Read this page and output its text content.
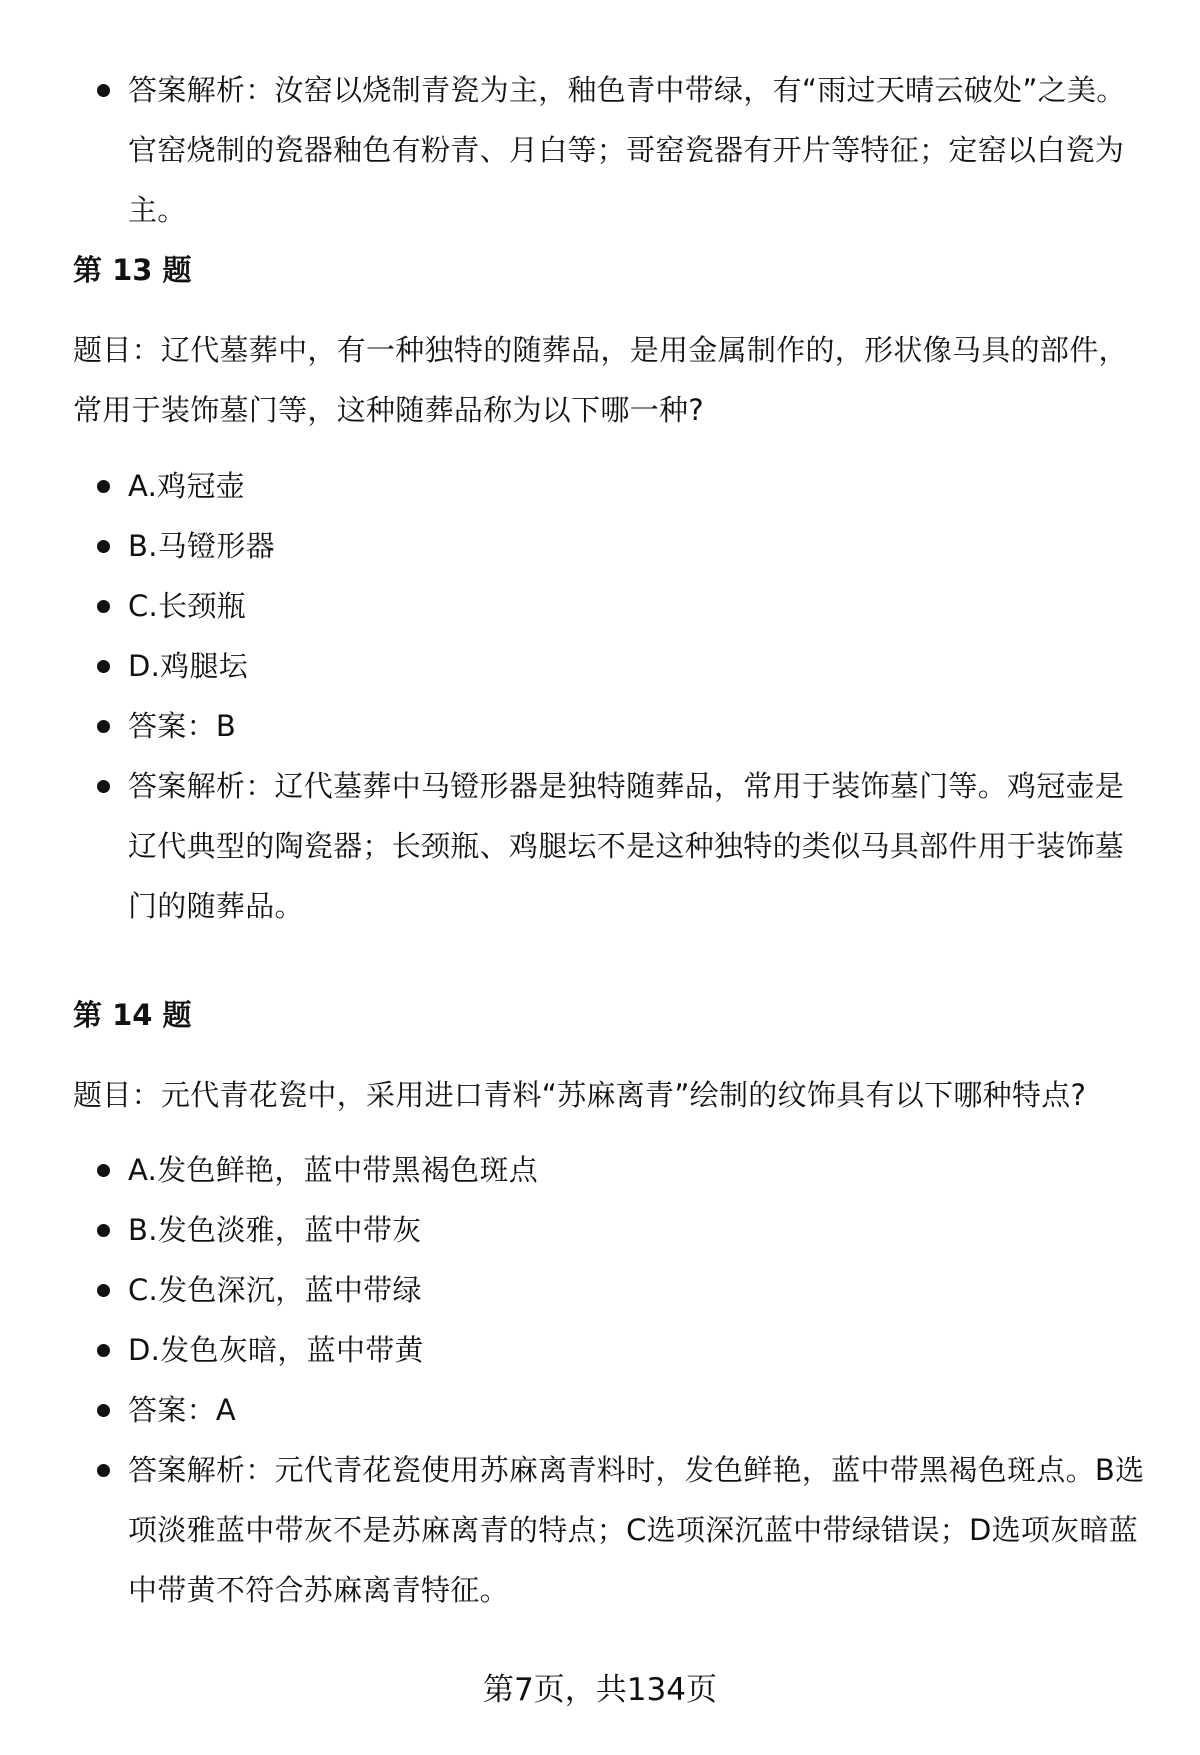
答案解析：汝窑以烧制青瓷为主，釉色青中带绿，有“雨过天晴云破处”之美。官窑烧制的瓷器釉色有粉青、月白等；哥窑瓷器有开片等特征；定窑以白瓷为主。
第 13 题

题目：辽代墓葬中，有一种独特的随葬品，是用金属制作的，形状像马具的部件，常用于装饰墓门等，这种随葬品称为以下哪一种?

A.鸡冠壶
B.马镫形器
C.长颈瓶
D.鸡腿坛
答案：B
答案解析：辽代墓葬中马镫形器是独特随葬品，常用于装饰墓门等。鸡冠壶是辽代典型的陶瓷器；长颈瓶、鸡腿坛不是这种独特的类似马具部件用于装饰墓门的随葬品。
第 14 题

题目：元代青花瓷中，采用进口青料“苏麻离青”绘制的纹饰具有以下哪种特点?

A.发色鲜艳，蓝中带黑褐色斑点
B.发色淡雅，蓝中带灰
C.发色深沉，蓝中带绿
D.发色灰暗，蓝中带黄
答案：A
答案解析：元代青花瓷使用苏麻离青料时，发色鲜艳，蓝中带黑褐色斑点。B选项淡雅蓝中带灰不是苏麻离青的特点；C选项深沉蓝中带绿错误；D选项灰暗蓝中带黄不符合苏麻离青特征。
第7页，共134页
